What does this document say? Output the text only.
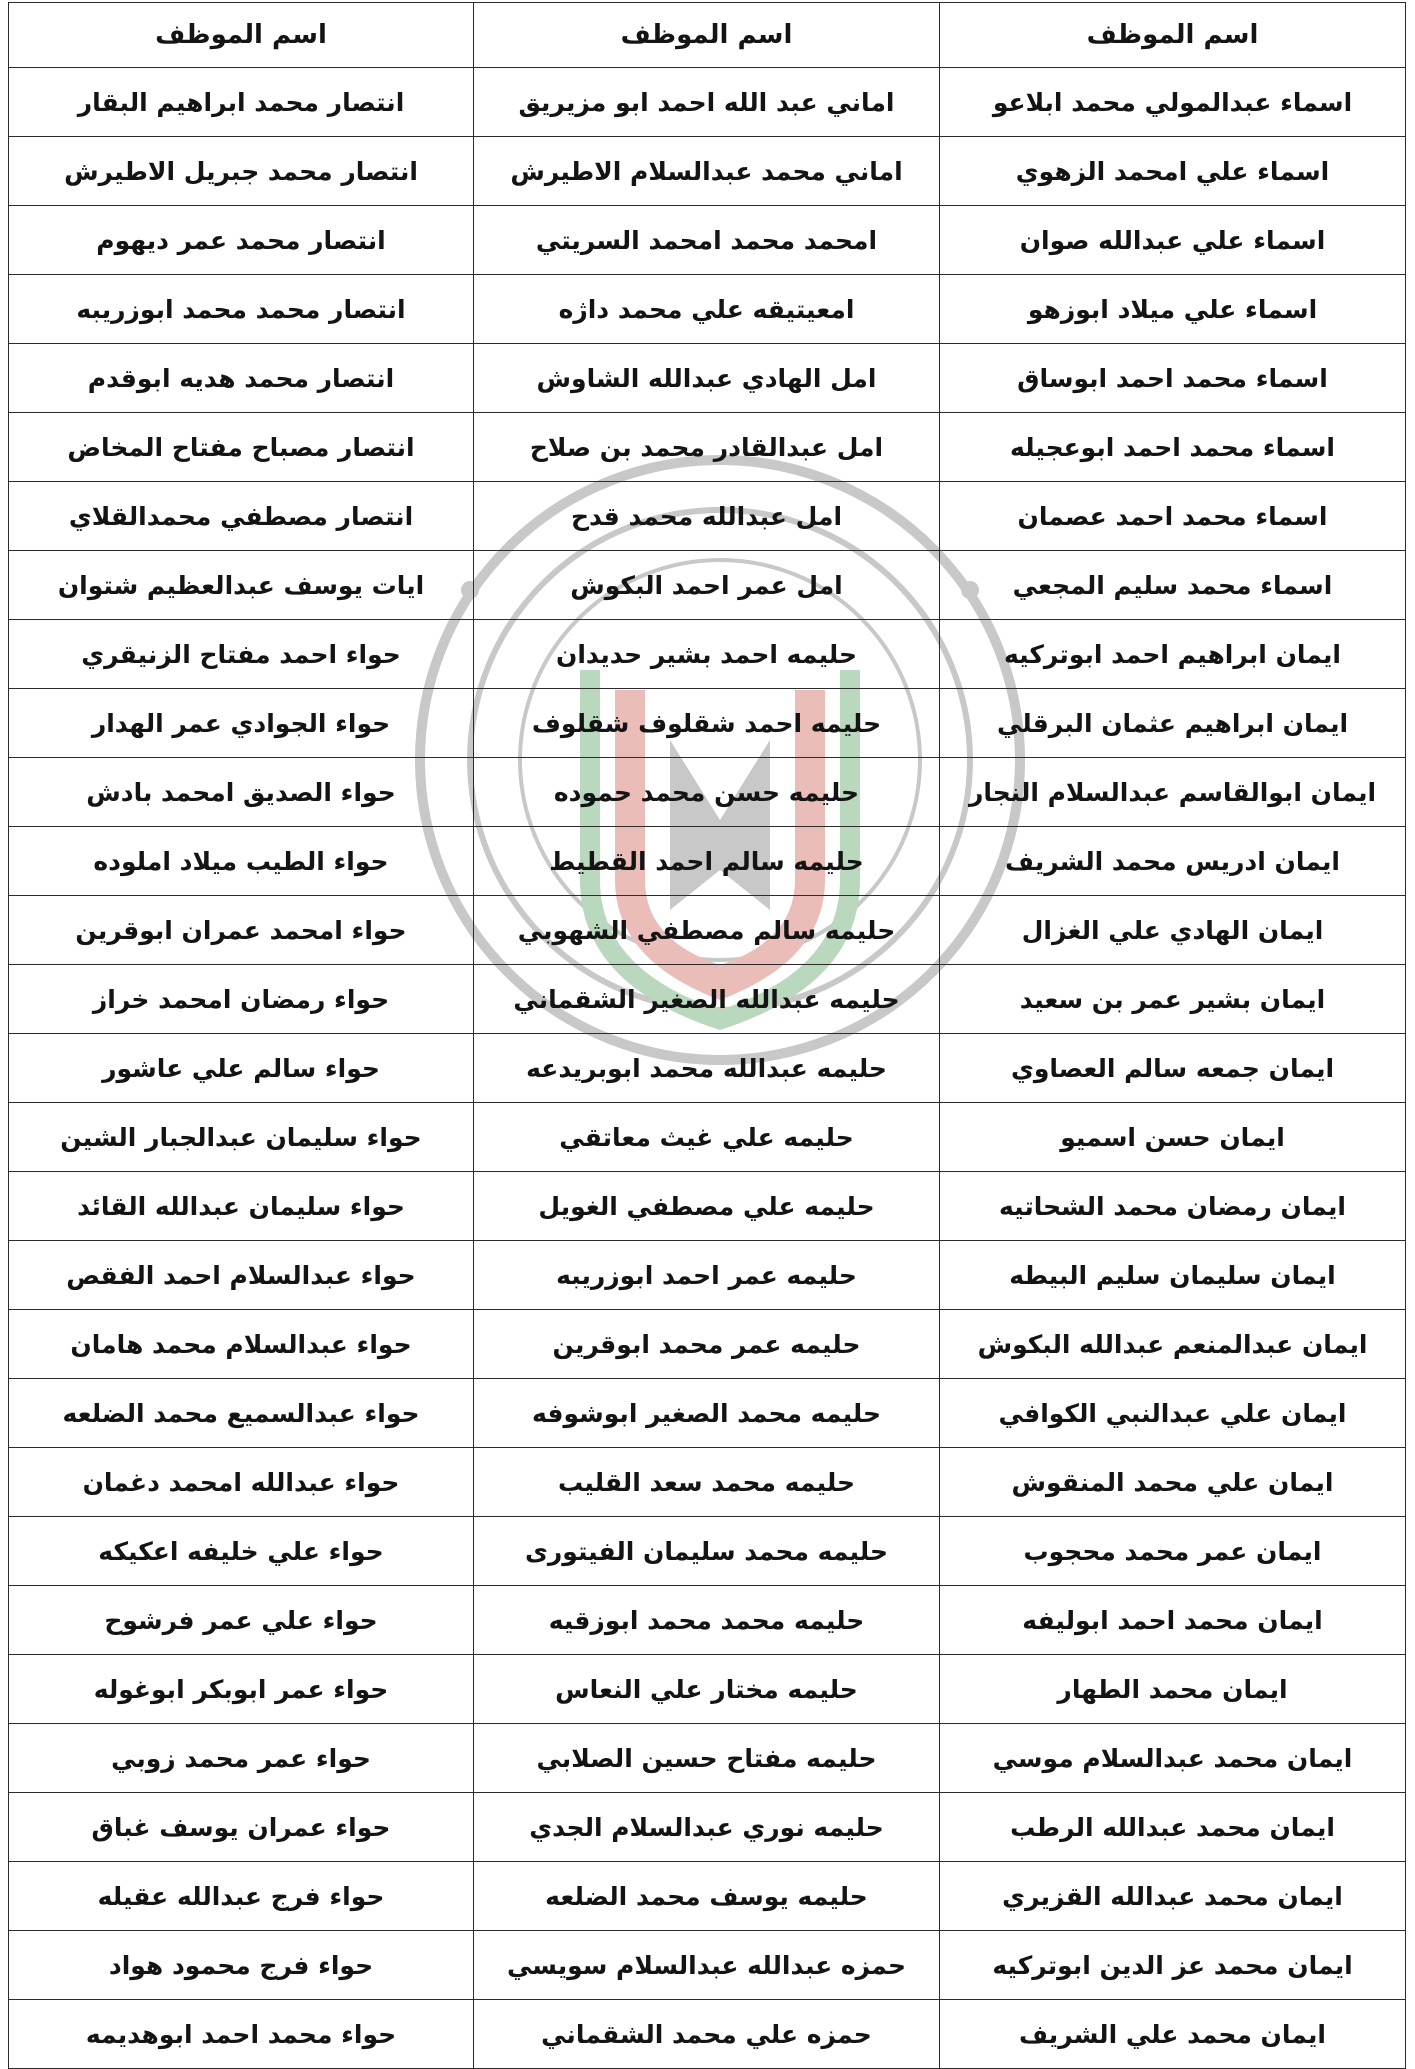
اسم الموظف	اسم الموظف	اسم الموظف
اسماء عبدالمولي محمد ابلاعو	اماني عبد الله احمد ابو مزيريق	انتصار محمد ابراهيم البقار
اسماء علي امحمد الزهوي	اماني محمد عبدالسلام الاطيرش	انتصار محمد جبريل الاطيرش
اسماء علي عبدالله صوان	امحمد محمد امحمد السريتي	انتصار محمد عمر ديهوم
اسماء علي ميلاد ابوزهو	امعيتيقه علي محمد داژه	انتصار محمد محمد ابوزريبه
اسماء محمد احمد ابوساق	امل الهادي عبدالله الشاوش	انتصار محمد هديه ابوقدم
اسماء محمد احمد ابوعجيله	امل عبدالقادر محمد بن صلاح	انتصار مصباح مفتاح المخاض
اسماء محمد احمد عصمان	امل عبدالله محمد قدح	انتصار مصطفي محمدالقلاي
اسماء محمد سليم المجعي	امل عمر احمد البكوش	ايات يوسف عبدالعظيم شتوان
ايمان ابراهيم احمد ابوتركيه	حليمه احمد بشير حديدان	حواء احمد مفتاح الزنيقري
ايمان ابراهيم عثمان البرقلي	حليمه احمد شقلوف شقلوف	حواء الجوادي عمر الهدار
ايمان ابوالقاسم عبدالسلام النجار	حليمه حسن محمد حموده	حواء الصديق امحمد بادش
ايمان ادريس محمد الشريف	حليمه سالم احمد القطيط	حواء الطيب ميلاد املوده
ايمان الهادي علي الغزال	حليمه سالم مصطفي الشهوبي	حواء امحمد عمران ابوقرين
ايمان بشير عمر بن سعيد	حليمه عبدالله الصغير الشقماني	حواء رمضان امحمد خراز
ايمان جمعه سالم العصاوي	حليمه عبدالله محمد ابوبريدعه	حواء سالم علي عاشور
ايمان حسن اسميو	حليمه علي غيث معاتقي	حواء سليمان عبدالجبار الشين
ايمان رمضان محمد الشحاتيه	حليمه علي مصطفي الغويل	حواء سليمان عبدالله القائد
ايمان سليمان سليم البيطه	حليمه عمر احمد ابوزريبه	حواء عبدالسلام احمد الفقص
ايمان عبدالمنعم عبدالله البكوش	حليمه عمر محمد ابوقرين	حواء عبدالسلام محمد هامان
ايمان علي عبدالنبي الكوافي	حليمه محمد الصغير ابوشوفه	حواء عبدالسميع محمد الضلعه
ايمان علي محمد المنقوش	حليمه محمد سعد القليب	حواء عبدالله امحمد دغمان
ايمان عمر محمد محجوب	حليمه محمد سليمان الفيتورى	حواء علي خليفه اعكيكه
ايمان محمد احمد ابوليفه	حليمه محمد محمد ابوزقيه	حواء علي عمر فرشوح
ايمان محمد الطهار	حليمه مختار علي النعاس	حواء عمر ابوبكر ابوغوله
ايمان محمد عبدالسلام موسي	حليمه مفتاح حسين الصلابي	حواء عمر محمد زوبي
ايمان محمد عبدالله الرطب	حليمه نوري عبدالسلام الجدي	حواء عمران يوسف غباق
ايمان محمد عبدالله القزيري	حليمه يوسف محمد الضلعه	حواء فرج عبدالله عقيله
ايمان محمد عز الدين ابوتركيه	حمزه عبدالله عبدالسلام سويسي	حواء فرج محمود هواد
ايمان محمد علي الشريف	حمزه علي محمد الشقماني	حواء محمد احمد ابوهديمه
